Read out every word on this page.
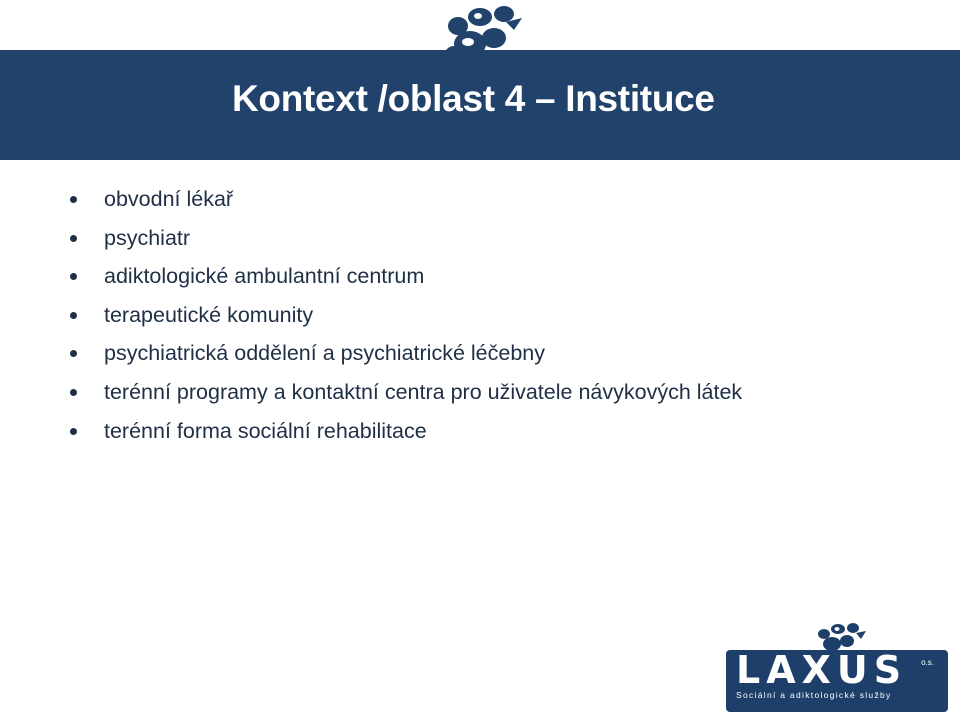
Kontext /oblast 4 – Instituce
obvodní lékař
psychiatr
adiktologické ambulantní centrum
terapeutické komunity
psychiatrická oddělení a psychiatrické léčebny
terénní programy a kontaktní centra pro uživatele návykových látek
terénní forma sociální rehabilitace
LAXUS	o.s.
Sociální a adiktologické služby
